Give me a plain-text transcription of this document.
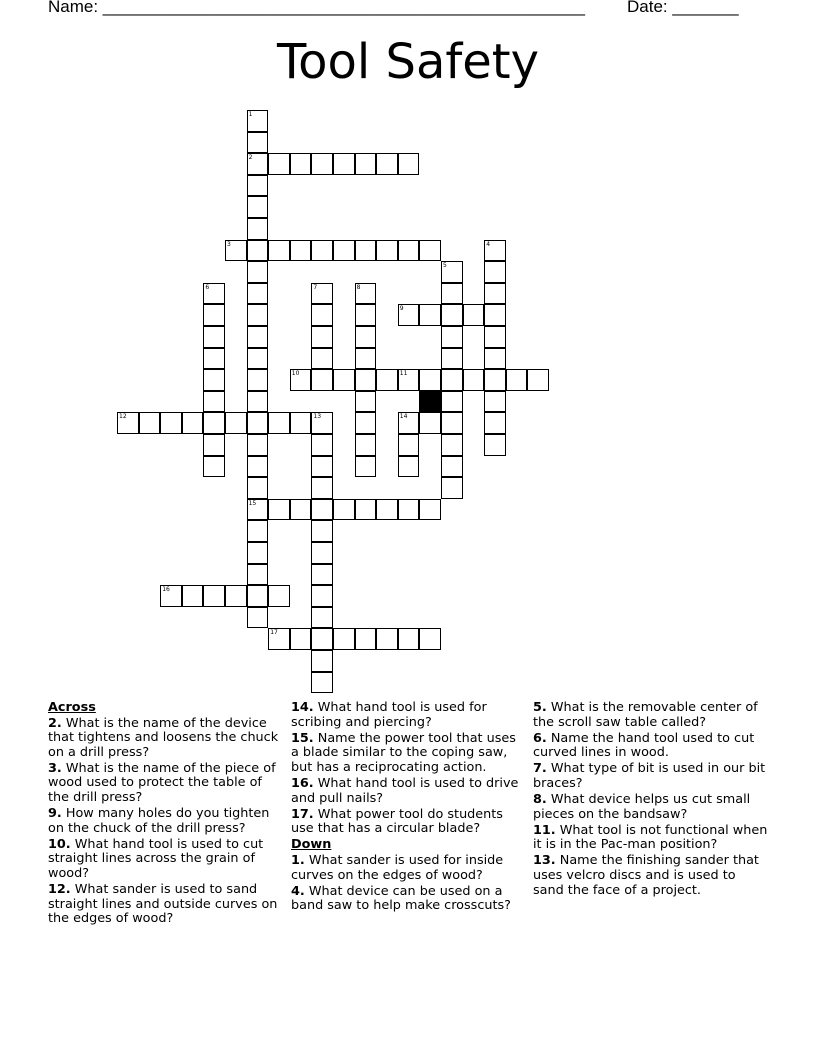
Name: ___________________________________________________ Date: _______
Tool Safety
1
2
15
3	4
5
6	7	8
9
10	11
12	13	14
16
17
Across
2. What is the name of the device that tightens and loosens the chuck on a drill press?
3. What is the name of the piece of wood used to protect the table of the drill press?
9. How many holes do you tighten on the chuck of the drill press?
10. What hand tool is used to cut straight lines across the grain of wood?
12. What sander is used to sand straight lines and outside curves on the edges of wood?
14. What hand tool is used for scribing and piercing?
15. Name the power tool that uses a blade similar to the coping saw, but has a reciprocating action.
16. What hand tool is used to drive and pull nails?
17. What power tool do students use that has a circular blade?
Down
1. What sander is used for inside curves on the edges of wood?
4. What device can be used on a band saw to help make crosscuts?
5. What is the removable center of the scroll saw table called?
6. Name the hand tool used to cut curved lines in wood.
7. What type of bit is used in our bit braces?
8. What device helps us cut small pieces on the bandsaw?
11. What tool is not functional when it is in the Pac-man position?
13. Name the finishing sander that uses velcro discs and is used to sand the face of a project.
